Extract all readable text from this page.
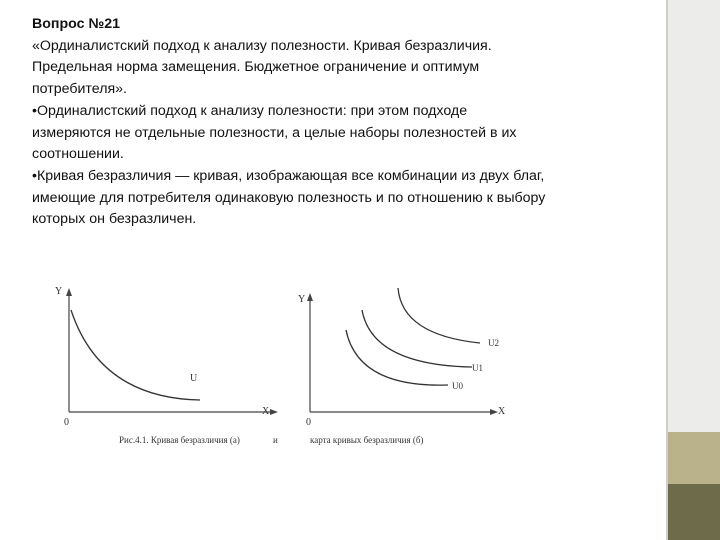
Вопрос №21

«Ординалистский подход к анализу полезности. Кривая безразличия.

Предельная норма замещения. Бюджетное ограничение и оптимум

потребителя».

•Ординалистский подход к анализу полезности: при этом подходе

измеряются не отдельные полезности, а целые наборы полезностей в их

соотношении.

•Кривая безразличия — кривая, изображающая все комбинации из двух благ,

имеющие для потребителя одинаковую полезность и по отношению к выбору

которых он безразличен.

Y
X
0
U
Y
X
0
U2
U1
U0
Рис.4.1. Кривая безразличия (а)	и	карта кривых безразличия (б)
